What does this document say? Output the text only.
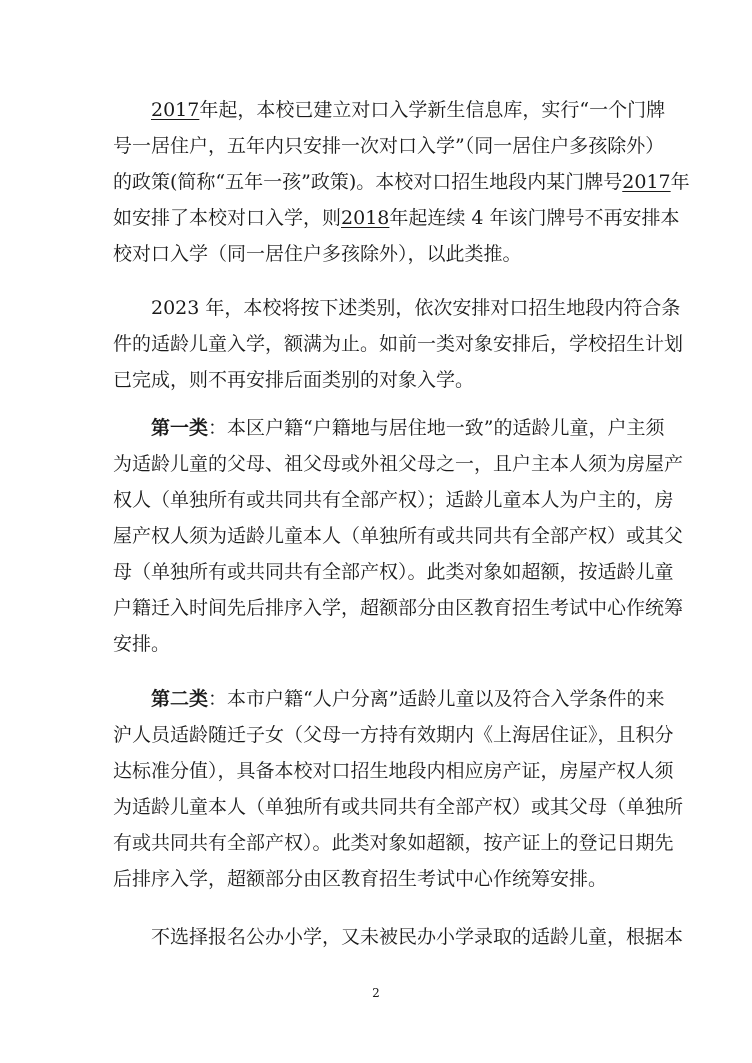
2017年起，本校已建立对口入学新生信息库，实行“一个门牌
号一居住户，五年内只安排一次对口入学”（同一居住户多孩除外）
的政策(简称“五年一孩”政策)。本校对口招生地段内某门牌号2017年
如安排了本校对口入学，则2018年起连续 4 年该门牌号不再安排本
校对口入学（同一居住户多孩除外），以此类推。
2023 年，本校将按下述类别，依次安排对口招生地段内符合条
件的适龄儿童入学，额满为止。如前一类对象安排后，学校招生计划
已完成，则不再安排后面类别的对象入学。
第一类：本区户籍“户籍地与居住地一致”的适龄儿童，户主须
为适龄儿童的父母、祖父母或外祖父母之一，且户主本人须为房屋产
权人（单独所有或共同共有全部产权）；适龄儿童本人为户主的，房
屋产权人须为适龄儿童本人（单独所有或共同共有全部产权）或其父
母（单独所有或共同共有全部产权）。此类对象如超额，按适龄儿童
户籍迁入时间先后排序入学，超额部分由区教育招生考试中心作统筹
安排。
第二类：本市户籍“人户分离”适龄儿童以及符合入学条件的来
沪人员适龄随迁子女（父母一方持有效期内《上海居住证》，且积分
达标准分值），具备本校对口招生地段内相应房产证，房屋产权人须
为适龄儿童本人（单独所有或共同共有全部产权）或其父母（单独所
有或共同共有全部产权）。此类对象如超额，按产证上的登记日期先
后排序入学，超额部分由区教育招生考试中心作统筹安排。
不选择报名公办小学，又未被民办小学录取的适龄儿童，根据本
2
